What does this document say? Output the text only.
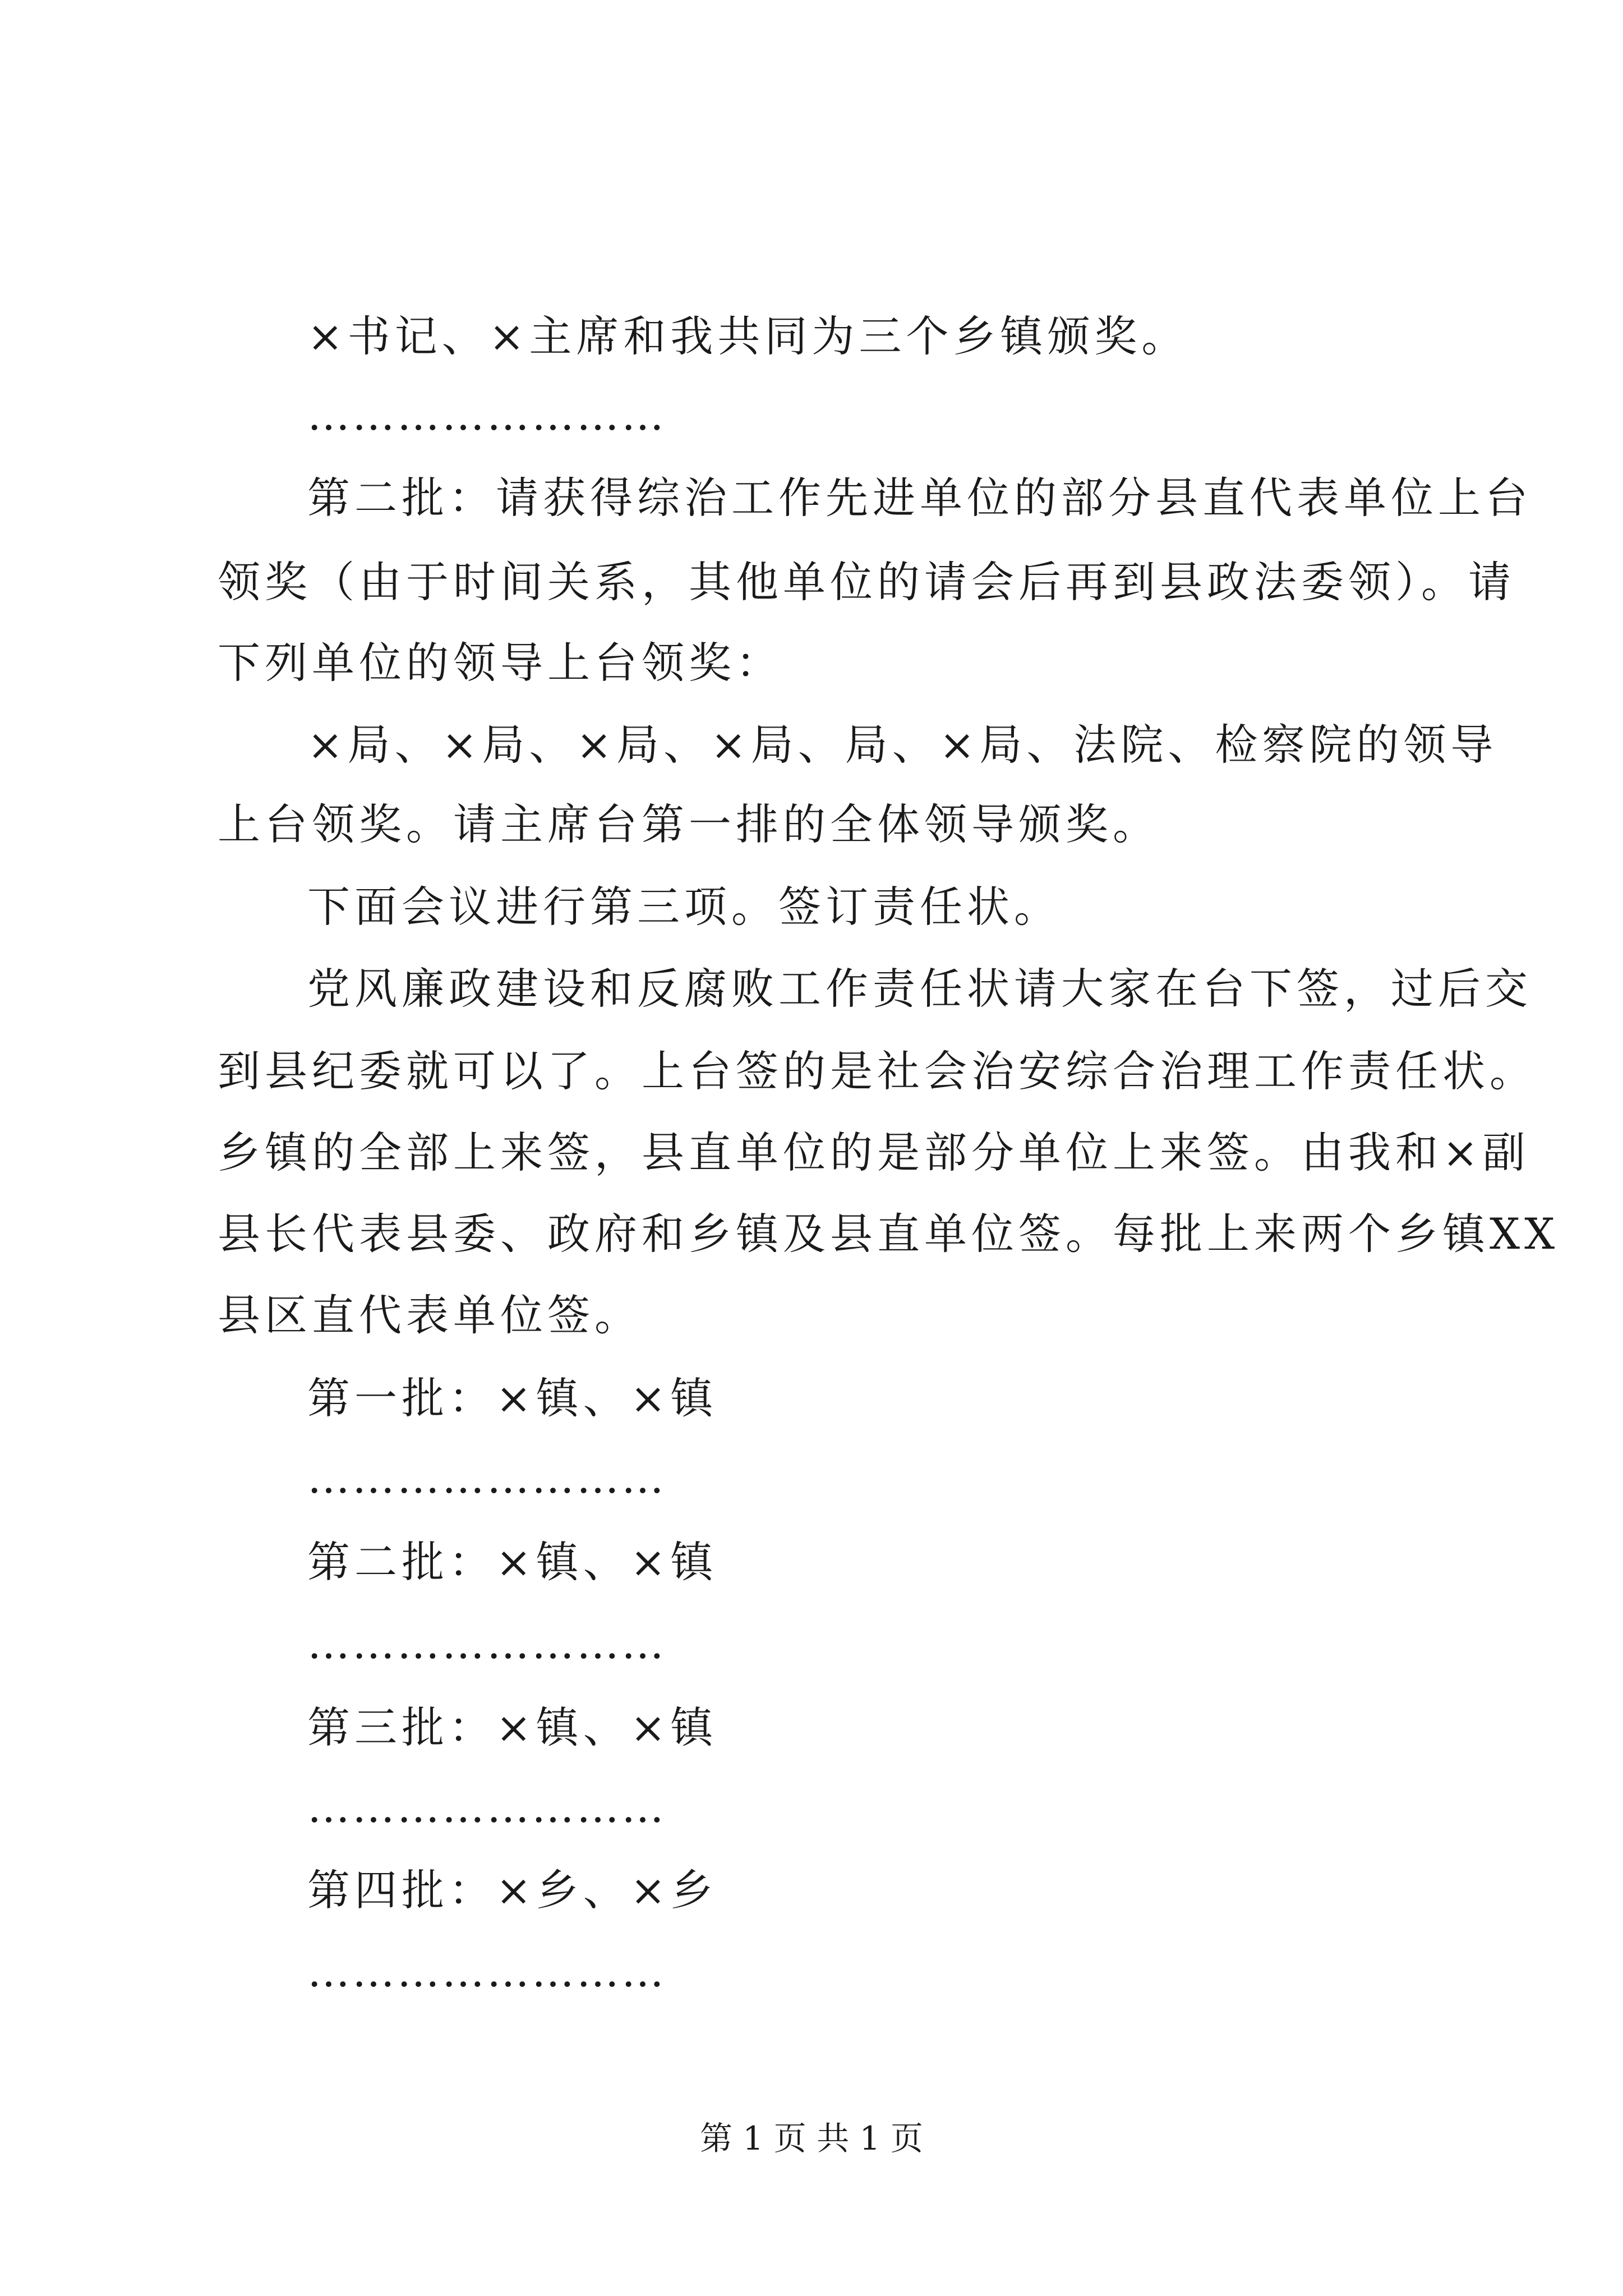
×书记、×主席和我共同为三个乡镇颁奖。
……………………
第二批：请获得综治工作先进单位的部分县直代表单位上台
领奖（由于时间关系，其他单位的请会后再到县政法委领）。请
下列单位的领导上台领奖：
×局、×局、×局、×局、局、×局、法院、检察院的领导
上台领奖。请主席台第一排的全体领导颁奖。
下面会议进行第三项。签订责任状。
党风廉政建设和反腐败工作责任状请大家在台下签，过后交
到县纪委就可以了。上台签的是社会治安综合治理工作责任状。
乡镇的全部上来签，县直单位的是部分单位上来签。由我和×副
县长代表县委、政府和乡镇及县直单位签。每批上来两个乡镇XX
县区直代表单位签。
第一批：×镇、×镇
……………………
第二批：×镇、×镇
……………………
第三批：×镇、×镇
……………………
第四批：×乡、×乡
……………………
第 1 页 共 1 页
